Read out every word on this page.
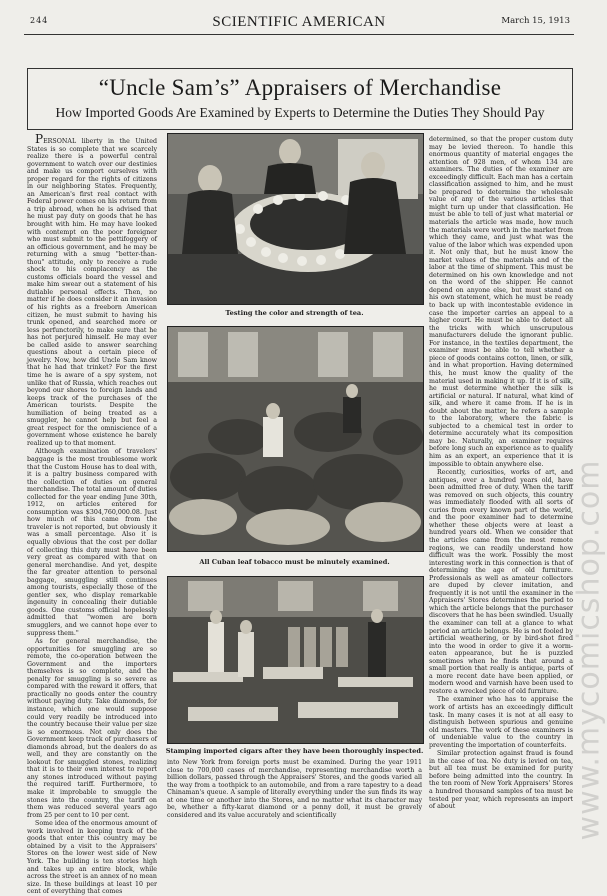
244	SCIENTIFIC AMERICAN	March 15, 1913
“Uncle Sam’s” Appraisers of Merchandise
How Imported Goods Are Examined by Experts to Determine the Duties They Should Pay

PERSONAL liberty in the United States is so complete that we scarcely realize there is a powerful central government to watch over our destinies and make us comport ourselves with proper regard for the rights of citizens in our neighboring States. Frequently, an American's first real contact with Federal power comes on his return from a trip abroad, when he is advised that he must pay duty on goods that he has brought with him. He may have looked with contempt on the poor foreigner who must submit to the pettifoggery of an officious government, and he may be returning with a smug "better-than-thou" attitude, only to receive a rude shock to his complacency as the customs officials board the vessel and make him swear out a statement of his dutiable personal effects. Then, no matter if he does consider it an invasion of his rights as a freeborn American citizen, he must submit to having his trunk opened, and searched more or less perfunctorily, to make sure that he has not perjured himself. He may ever be called aside to answer searching questions about a certain piece of jewelry. Now, how did Uncle Sam know that he had that trinket? For the first time he is aware of a spy system, not unlike that of Russia, which reaches out beyond our shores to foreign lands and keeps track of the purchases of the American tourists. Despite the humiliation of being treated as a smuggler, he cannot help but feel a great respect for the omniscience of a government whose existence he barely realized up to that moment.

Although examination of travelers' baggage is the most troublesome work that the Custom House has to deal with, it is a paltry business compared with the collection of duties on general merchandise. The total amount of duties collected for the year ending June 30th, 1912, on articles entered for consumption was $304,760,000.08. Just how much of this came from the traveler is not reported, but obviously it was a small percentage. Also it is equally obvious that the cost per dollar of collecting this duty must have been very great as compared with that on general merchandise. And yet, despite the far greater attention to personal baggage, smuggling still continues among tourists, especially those of the gentler sex, who display remarkable ingenuity in concealing their dutiable goods. One customs official hopelessly admitted that "women are born smugglers, and we cannot hope ever to suppress them."

As for general merchandise, the opportunities for smuggling are so remote, the co-operation between the Government and the importers themselves is so complete, and the penalty for smuggling is so severe as compared with the reward it offers, that practically no goods enter the country without paying duty. Take diamonds, for instance, which one would suppose could very readily be introduced into the country because their value per size is so enormous. Not only does the Government keep track of purchasers of diamonds abroad, but the dealers do as well, and they are constantly on the lookout for smuggled stones, realizing that it is to their own interest to report any stones introduced without paying the required tariff. Furthermore, to make it improbable to smuggle the stones into the country, the tariff on them was reduced several years ago from 25 per cent to 10 per cent.

Some idea of the enormous amount of work involved in keeping track of the goods that enter this country may be obtained by a visit to the Appraisers' Stores on the lower west side of New York. The building is ten stories high and takes up an entire block, while across the street is an annex of no mean size. In these buildings at least 10 per cent of everything that comes

Testing the color and strength of tea.
All Cuban leaf tobacco must be minutely examined.
Stamping imported cigars after they have been thoroughly inspected.

into New York from foreign ports must be examined. During the year 1911 close to 700,000 cases of merchandise, representing merchandise worth a billion dollars, passed through the Appraisers' Stores, and the goods varied all the way from a toothpick to an automobile, and from a rare tapestry to a dead Chinaman's queue. A sample of literally everything under the sun finds its way at one time or another into the Stores, and no matter what its character may be, whether a fifty-karat diamond or a penny doll, it must be gravely considered and its value accurately and scientifically

determined, so that the proper custom duty may be levied thereon. To handle this enormous quantity of material engages the attention of 928 men, of whom 134 are examiners. The duties of the examiner are exceedingly difficult. Each man has a certain classification assigned to him, and he must be prepared to determine the wholesale value of any of the various articles that might turn up under that classification. He must be able to tell of just what material or materials the article was made, how much the materials were worth in the market from which they came, and just what was the value of the labor which was expended upon it. Not only that, but he must know the market values of the materials and of the labor at the time of shipment. This must be determined on his own knowledge and not on the word of the shipper. He cannot depend on anyone else, but must stand on his own statement, which he must be ready to back up with incontestable evidence in case the importer carries an appeal to a higher court. He must be able to detect all the tricks with which unscrupulous manufacturers delude the ignorant public. For instance, in the textiles department, the examiner must be able to tell whether a piece of goods contains cotton, linen, or silk, and in what proportion. Having determined this, he must know the quality of the material used in making it up. If it is of silk, he must determine whether the silk is artificial or natural. If natural, what kind of silk, and where it came from. If he is in doubt about the matter, he refers a sample to the laboratory, where the fabric is subjected to a chemical test in order to determine accurately what its composition may be. Naturally, an examiner requires before long such an experience as to qualify him as an expert, an experience that it is impossible to obtain anywhere else.

Recently, curiosities, works of art, and antiques, over a hundred years old, have been admitted free of duty. When the tariff was removed on such objects, this country was immediately flooded with all sorts of curios from every known part of the world, and the poor examiner had to determine whether these objects were at least a hundred years old. When we consider that the articles came from the most remote regions, we can readily understand how difficult was the work. Possibly the most interesting work in this connection is that of determining the age of old furniture. Professionals as well as amateur collectors are duped by clever imitation, and frequently it is not until the examiner in the Appraisers' Stores determines the period to which the article belongs that the purchaser discovers that he has been swindled. Usually the examiner can tell at a glance to what period an article belongs. He is not fooled by artificial weathering, or by bird-shot fired into the wood in order to give it a worm-eaten appearance, but he is puzzled sometimes when he finds that around a small portion that really is antique, parts of a more recent date have been applied, or modern wood and varnish have been used to restore a wrecked piece of old furniture.

The examiner who has to appraise the work of artists has an exceedingly difficult task. In many cases it is not at all easy to distinguish between spurious and genuine old masters. The work of these examiners is of undeniable value to the country in preventing the importation of counterfeits.

Similar protection against fraud is found in the case of tea. No duty is levied on tea, but all tea must be examined for purity before being admitted into the country. In the ten room of New York Appraisers' Stores a hundred thousand samples of tea must be tested per year, which represents an import of about	www.mycomicshop.com
